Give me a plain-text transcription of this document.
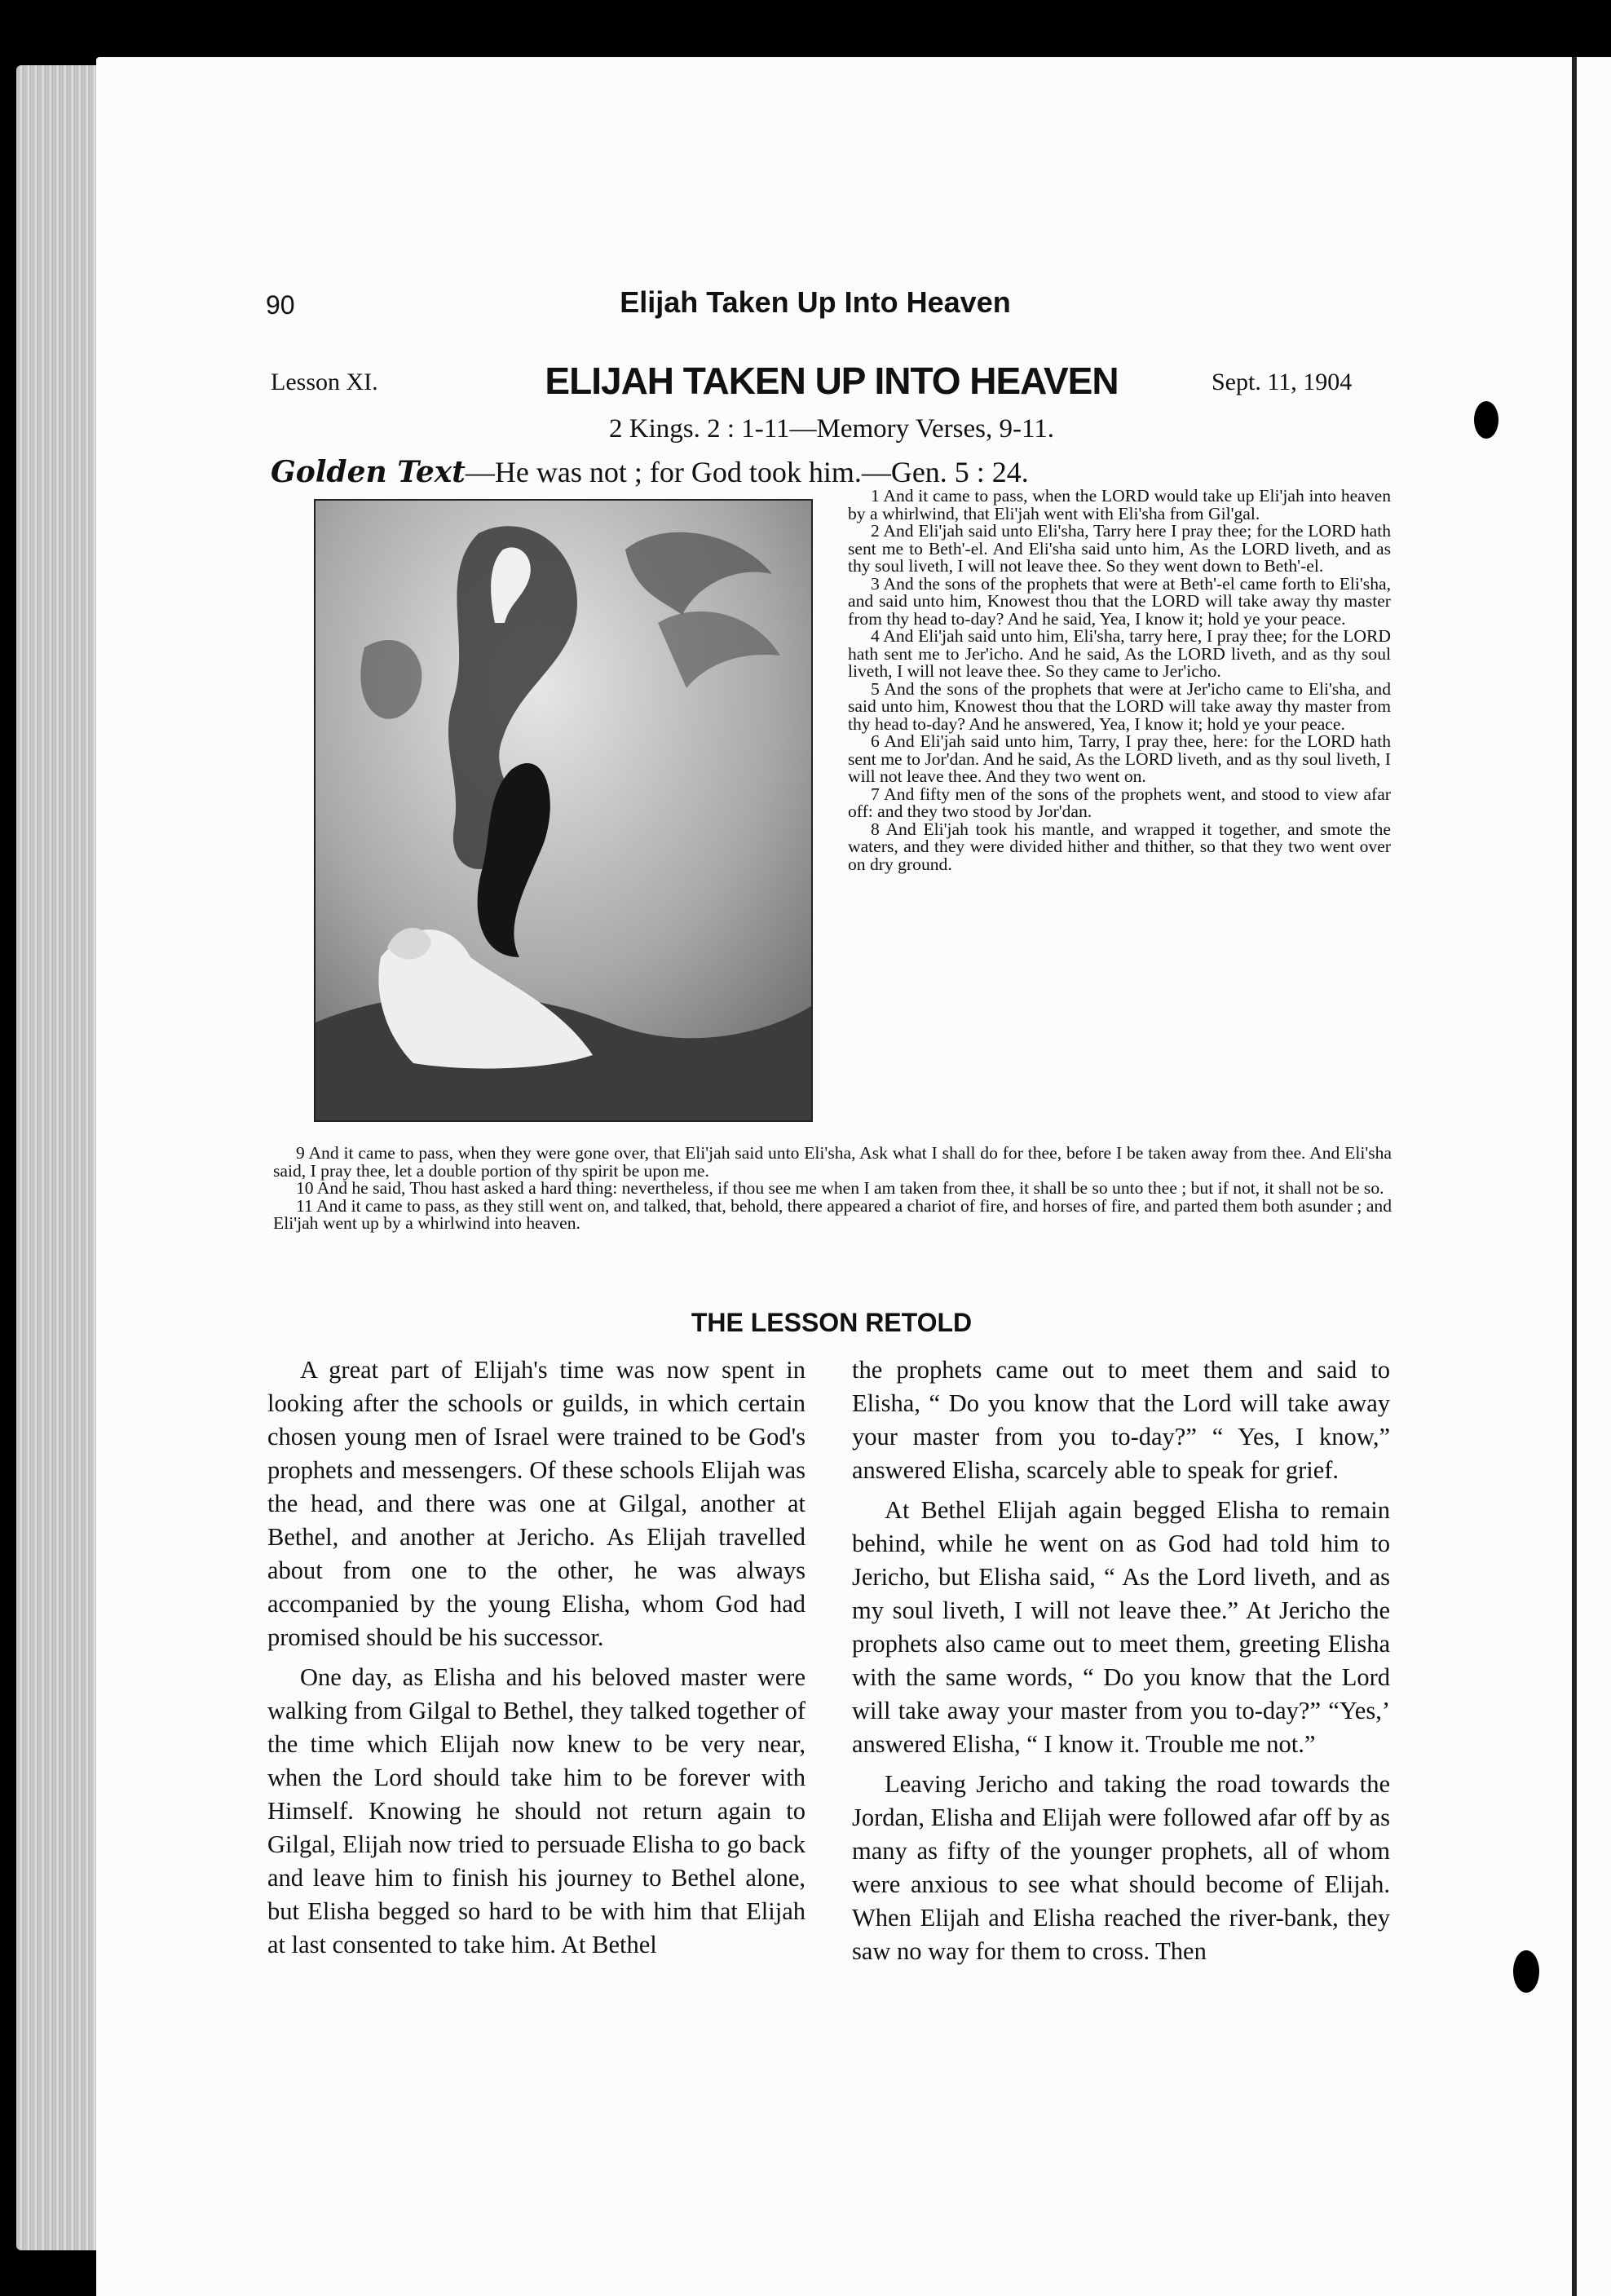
90	Elijah Taken Up Into Heaven
Lesson XI.	ELIJAH TAKEN UP INTO HEAVEN	Sept. 11, 1904
2 Kings. 2 : 1-11—Memory Verses, 9-11.
Golden Text—He was not ; for God took him.—Gen. 5 : 24.

1 And it came to pass, when the LORD would take up Eli'jah into heaven by a whirlwind, that Eli'jah went with Eli'sha from Gil'gal.

2 And Eli'jah said unto Eli'sha, Tarry here I pray thee; for the LORD hath sent me to Beth'-el. And Eli'sha said unto him, As the LORD liveth, and as thy soul liveth, I will not leave thee. So they went down to Beth'-el.

3 And the sons of the prophets that were at Beth'-el came forth to Eli'sha, and said unto him, Knowest thou that the LORD will take away thy master from thy head to-day? And he said, Yea, I know it; hold ye your peace.

4 And Eli'jah said unto him, Eli'sha, tarry here, I pray thee; for the LORD hath sent me to Jer'icho. And he said, As the LORD liveth, and as thy soul liveth, I will not leave thee. So they came to Jer'icho.

5 And the sons of the prophets that were at Jer'icho came to Eli'sha, and said unto him, Knowest thou that the LORD will take away thy master from thy head to-day? And he answered, Yea, I know it; hold ye your peace.

6 And Eli'jah said unto him, Tarry, I pray thee, here: for the LORD hath sent me to Jor'dan. And he said, As the LORD liveth, and as thy soul liveth, I will not leave thee. And they two went on.

7 And fifty men of the sons of the prophets went, and stood to view afar off: and they two stood by Jor'dan.

8 And Eli'jah took his mantle, and wrapped it together, and smote the waters, and they were divided hither and thither, so that they two went over on dry ground.

9 And it came to pass, when they were gone over, that Eli'jah said unto Eli'sha, Ask what I shall do for thee, before I be taken away from thee. And Eli'sha said, I pray thee, let a double portion of thy spirit be upon me.

10 And he said, Thou hast asked a hard thing: nevertheless, if thou see me when I am taken from thee, it shall be so unto thee ; but if not, it shall not be so.

11 And it came to pass, as they still went on, and talked, that, behold, there appeared a chariot of fire, and horses of fire, and parted them both asunder ; and Eli'jah went up by a whirlwind into heaven.

THE LESSON RETOLD

A great part of Elijah's time was now spent in looking after the schools or guilds, in which certain chosen young men of Israel were trained to be God's prophets and messengers. Of these schools Elijah was the head, and there was one at Gilgal, another at Bethel, and another at Jericho. As Elijah travelled about from one to the other, he was always accompanied by the young Elisha, whom God had promised should be his successor.

One day, as Elisha and his beloved master were walking from Gilgal to Bethel, they talked together of the time which Elijah now knew to be very near, when the Lord should take him to be forever with Himself. Knowing he should not return again to Gilgal, Elijah now tried to persuade Elisha to go back and leave him to finish his journey to Bethel alone, but Elisha begged so hard to be with him that Elijah at last consented to take him. At Bethel

the prophets came out to meet them and said to Elisha, “ Do you know that the Lord will take away your master from you to-day?” “ Yes, I know,” answered Elisha, scarcely able to speak for grief.

At Bethel Elijah again begged Elisha to remain behind, while he went on as God had told him to Jericho, but Elisha said, “ As the Lord liveth, and as my soul liveth, I will not leave thee.” At Jericho the prophets also came out to meet them, greeting Elisha with the same words, “ Do you know that the Lord will take away your master from you to-day?” “Yes,’ answered Elisha, “ I know it. Trouble me not.”

Leaving Jericho and taking the road towards the Jordan, Elisha and Elijah were followed afar off by as many as fifty of the younger prophets, all of whom were anxious to see what should become of Elijah. When Elijah and Elisha reached the river-bank, they saw no way for them to cross. Then
